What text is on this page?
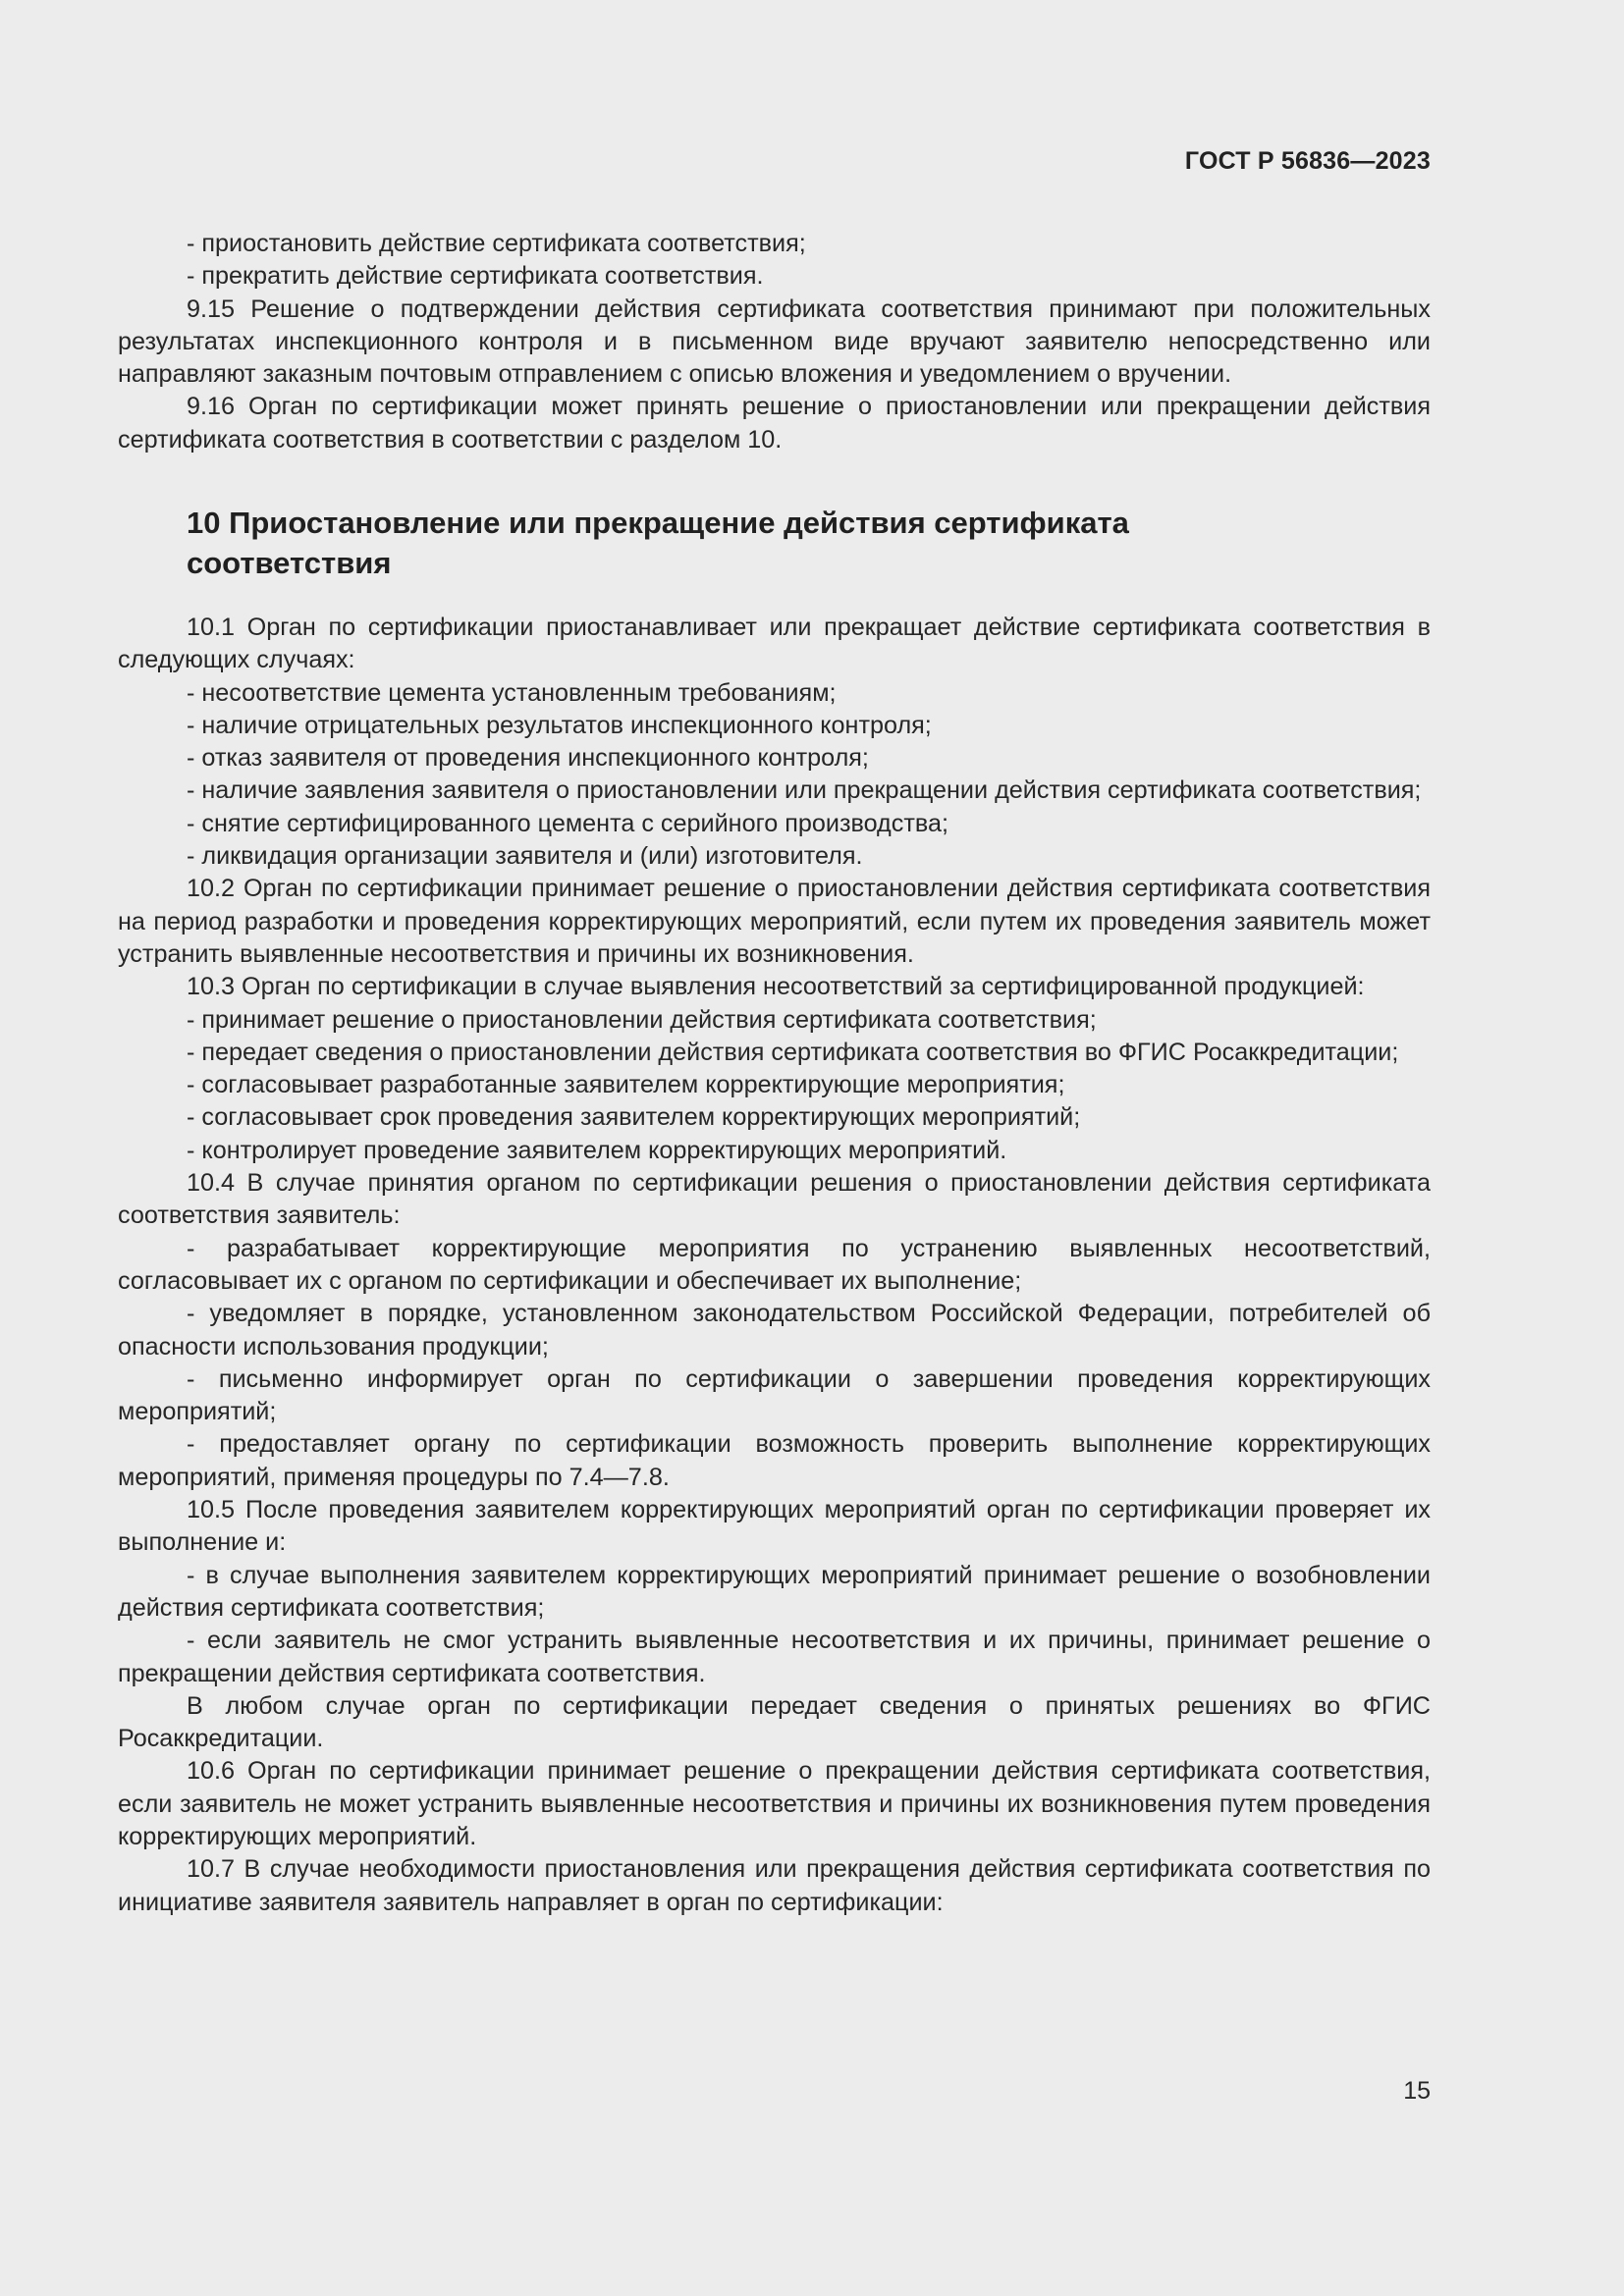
ГОСТ Р 56836—2023

- приостановить действие сертификата соответствия;

- прекратить действие сертификата соответствия.

9.15 Решение о подтверждении действия сертификата соответствия принимают при положительных результатах инспекционного контроля и в письменном виде вручают заявителю непосредственно или направляют заказным почтовым отправлением с описью вложения и уведомлением о вручении.

9.16 Орган по сертификации может принять решение о приостановлении или прекращении действия сертификата соответствия в соответствии с разделом 10.

10 Приостановление или прекращение действия сертификата соответствия

10.1 Орган по сертификации приостанавливает или прекращает действие сертификата соответствия в следующих случаях:

- несоответствие цемента установленным требованиям;

- наличие отрицательных результатов инспекционного контроля;

- отказ заявителя от проведения инспекционного контроля;

- наличие заявления заявителя о приостановлении или прекращении действия сертификата соответствия;

- снятие сертифицированного цемента с серийного производства;

- ликвидация организации заявителя и (или) изготовителя.

10.2 Орган по сертификации принимает решение о приостановлении действия сертификата соответствия на период разработки и проведения корректирующих мероприятий, если путем их проведения заявитель может устранить выявленные несоответствия и причины их возникновения.

10.3 Орган по сертификации в случае выявления несоответствий за сертифицированной продукцией:

- принимает решение о приостановлении действия сертификата соответствия;

- передает сведения о приостановлении действия сертификата соответствия во ФГИС Росаккредитации;

- согласовывает разработанные заявителем корректирующие мероприятия;

- согласовывает срок проведения заявителем корректирующих мероприятий;

- контролирует проведение заявителем корректирующих мероприятий.

10.4 В случае принятия органом по сертификации решения о приостановлении действия сертификата соответствия заявитель:

- разрабатывает корректирующие мероприятия по устранению выявленных несоответствий, согласовывает их с органом по сертификации и обеспечивает их выполнение;

- уведомляет в порядке, установленном законодательством Российской Федерации, потребителей об опасности использования продукции;

- письменно информирует орган по сертификации о завершении проведения корректирующих мероприятий;

- предоставляет органу по сертификации возможность проверить выполнение корректирующих мероприятий, применяя процедуры по 7.4—7.8.

10.5 После проведения заявителем корректирующих мероприятий орган по сертификации проверяет их выполнение и:

- в случае выполнения заявителем корректирующих мероприятий принимает решение о возобновлении действия сертификата соответствия;

- если заявитель не смог устранить выявленные несоответствия и их причины, принимает решение о прекращении действия сертификата соответствия.

В любом случае орган по сертификации передает сведения о принятых решениях во ФГИС Росаккредитации.

10.6 Орган по сертификации принимает решение о прекращении действия сертификата соответствия, если заявитель не может устранить выявленные несоответствия и причины их возникновения путем проведения корректирующих мероприятий.

10.7 В случае необходимости приостановления или прекращения действия сертификата соответствия по инициативе заявителя заявитель направляет в орган по сертификации:

15
